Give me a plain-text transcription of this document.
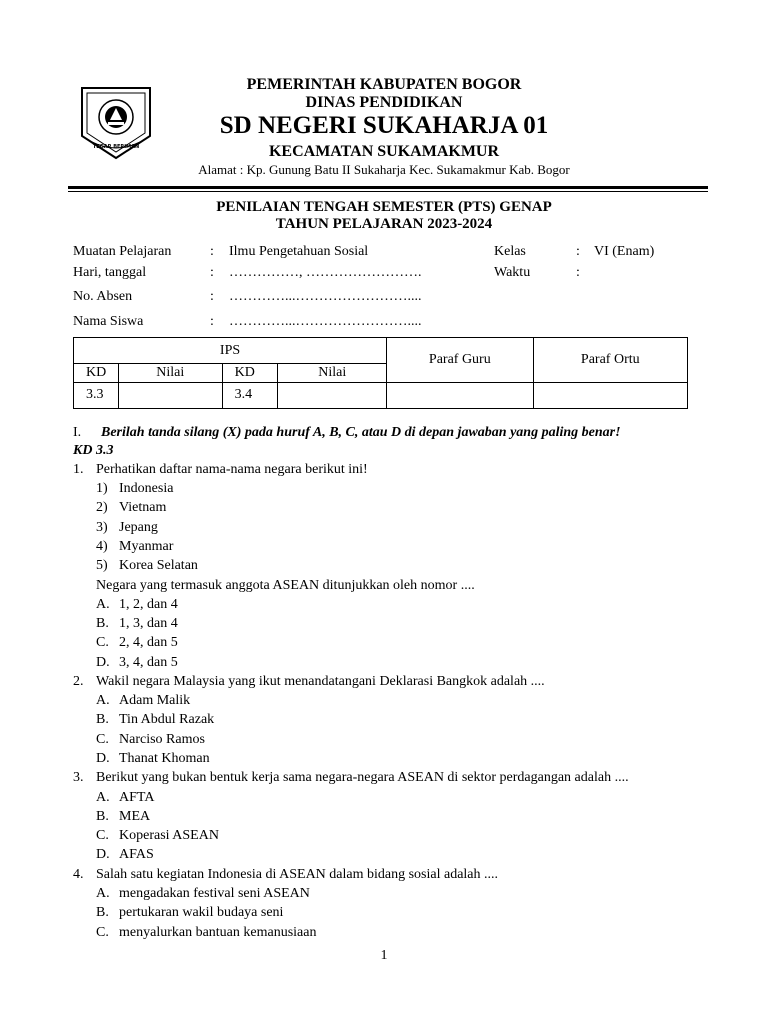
TEGAR BERIMAN
PEMERINTAH KABUPATEN BOGOR
DINAS PENDIDIKAN
SD NEGERI SUKAHARJA 01
KECAMATAN SUKAMAKMUR
Alamat : Kp. Gunung Batu II Sukaharja Kec. Sukamakmur Kab. Bogor
PENILAIAN TENGAH SEMESTER (PTS) GENAP
TAHUN PELAJARAN 2023-2024
Muatan Pelajaran	: Ilmu Pengetahuan Sosial	Kelas	: VI (Enam)
Hari, tanggal	: ……………, …………………….	Waktu	:
No. Absen	: …………...……………………....
Nama Siswa	: …………...……………………....
IPS				Paraf Guru	Paraf Ortu
KD	Nilai	KD	Nilai		
3.3		3.4			
I. Berilah tanda silang (X) pada huruf A, B, C, atau D di depan jawaban yang paling benar!
KD 3.3
1. Perhatikan daftar nama-nama negara berikut ini!
1) Indonesia
2) Vietnam
3) Jepang
4) Myanmar
5) Korea Selatan
Negara yang termasuk anggota ASEAN ditunjukkan oleh nomor ....
A. 1, 2, dan 4
B. 1, 3, dan 4
C. 2, 4, dan 5
D. 3, 4, dan 5
2. Wakil negara Malaysia yang ikut menandatangani Deklarasi Bangkok adalah ....
A. Adam Malik
B. Tin Abdul Razak
C. Narciso Ramos
D. Thanat Khoman
3. Berikut yang bukan bentuk kerja sama negara-negara ASEAN di sektor perdagangan adalah ....
A. AFTA
B. MEA
C. Koperasi ASEAN
D. AFAS
4. Salah satu kegiatan Indonesia di ASEAN dalam bidang sosial adalah ....
A. mengadakan festival seni ASEAN
B. pertukaran wakil budaya seni
C. menyalurkan bantuan kemanusiaan
1
